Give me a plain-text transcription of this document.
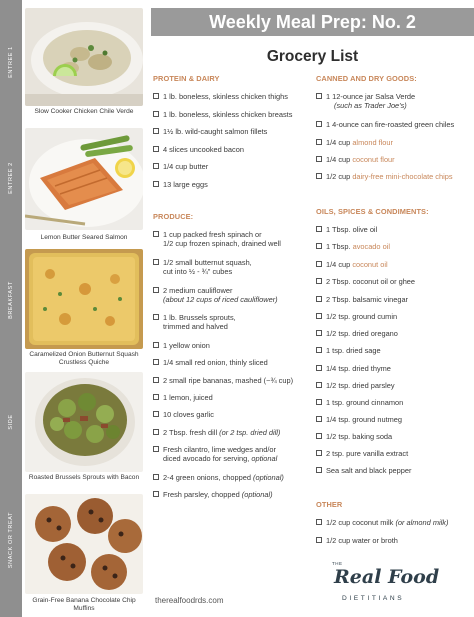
ENTREE 1
ENTREE 2
BREAKFAST
SIDE
SNACK OR TREAT
Slow Cooker Chicken Chile Verde
Lemon Butter Seared Salmon
Caramelized Onion Butternut Squash Crustless Quiche
Roasted Brussels Sprouts with Bacon
Grain-Free Banana Chocolate Chip Muffins
Weekly Meal Prep: No. 2
Grocery List
PROTEIN & DAIRY
1 lb. boneless, skinless chicken thighs
1 lb. boneless, skinless chicken breasts
1½ lb. wild-caught salmon fillets
4 slices uncooked bacon
1/4 cup butter
13 large eggs
PRODUCE:
1 cup packed fresh spinach or
1/2 cup frozen spinach, drained well
1/2 small butternut squash,
cut into ½ - ¾" cubes
2 medium cauliflower
(about 12 cups of riced cauliflower)
1 lb. Brussels sprouts,
trimmed and halved
1 yellow onion
1/4 small red onion, thinly sliced
2 small ripe bananas, mashed (~¾ cup)
1 lemon, juiced
10 cloves garlic
2 Tbsp. fresh dill (or 2 tsp. dried dill)
Fresh cilantro, lime wedges and/or
diced avocado for serving, optional
2-4 green onions, chopped (optional)
Fresh parsley, chopped (optional)
CANNED AND DRY GOODS:
1 12-ounce jar Salsa Verde
(such as Trader Joe's)
1 4-ounce can fire-roasted green chiles
1/4 cup almond flour
1/4 cup coconut flour
1/2 cup dairy-free mini-chocolate chips
OILS, SPICES & CONDIMENTS:
1 Tbsp. olive oil
1 Tbsp. avocado oil
1/4 cup coconut oil
2 Tbsp. coconut oil or ghee
2 Tbsp. balsamic vinegar
1/2 tsp. ground cumin
1/2 tsp. dried oregano
1 tsp. dried sage
1/4 tsp. dried thyme
1/2 tsp. dried parsley
1 tsp. ground cinnamon
1/4 tsp. ground nutmeg
1/2 tsp. baking soda
2 tsp. pure vanilla extract
Sea salt and black pepper
OTHER
1/2 cup coconut milk (or almond milk)
1/2 cup water or broth
therealfoodrds.com
THE
Real Food
DIETITIANS
